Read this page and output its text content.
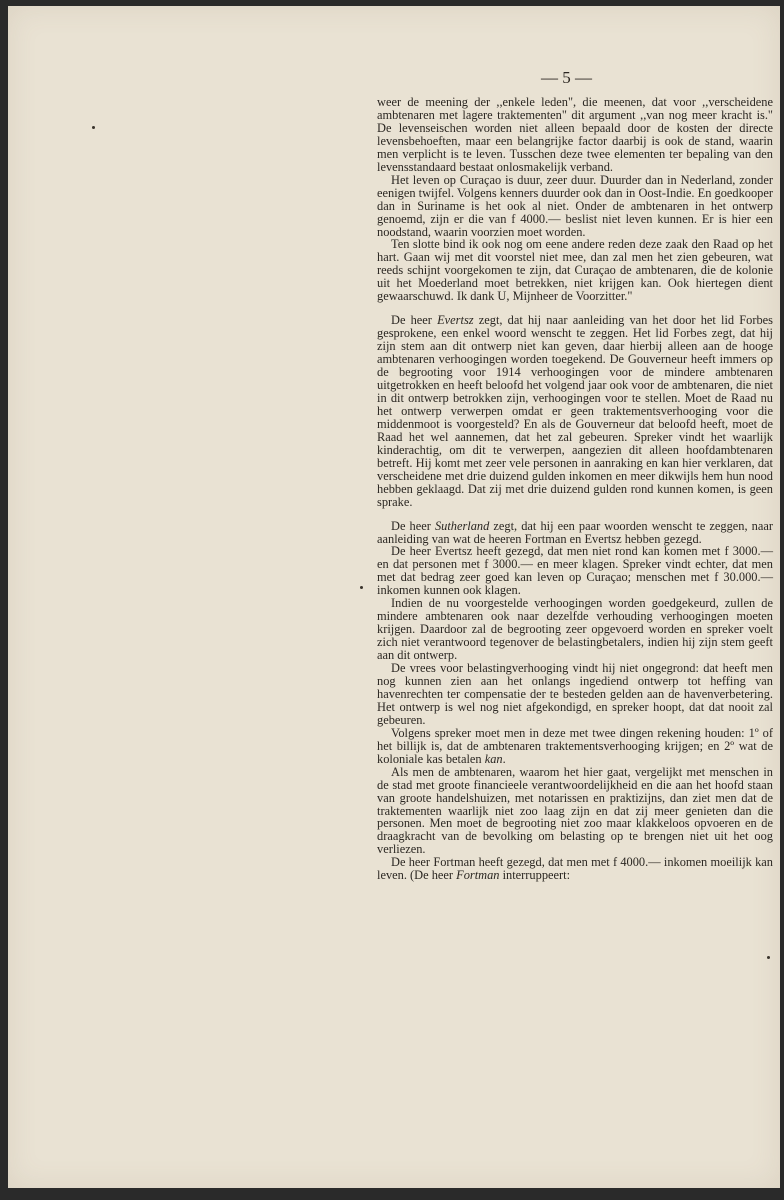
— 5 —

weer de meening der ,,enkele leden", die meenen, dat voor ,,verscheidene ambtenaren met lagere traktementen" dit argument ,,van nog meer kracht is." De levenseischen worden niet alleen bepaald door de kosten der directe levensbehoeften, maar een belangrijke factor daarbij is ook de stand, waarin men verplicht is te leven. Tusschen deze twee elementen ter bepaling van den levensstandaard bestaat onlosmakelijk verband.

Het leven op Curaçao is duur, zeer duur. Duurder dan in Nederland, zonder eenigen twijfel. Volgens kenners duurder ook dan in Oost-Indie. En goedkooper dan in Suriname is het ook al niet. Onder de ambtenaren in het ontwerp genoemd, zijn er die van f 4000.— beslist niet leven kunnen. Er is hier een noodstand, waarin voorzien moet worden.

Ten slotte bind ik ook nog om eene andere reden deze zaak den Raad op het hart. Gaan wij met dit voorstel niet mee, dan zal men het zien gebeuren, wat reeds schijnt voorgekomen te zijn, dat Curaçao de ambtenaren, die de kolonie uit het Moederland moet betrekken, niet krijgen kan. Ook hiertegen dient gewaarschuwd. Ik dank U, Mijnheer de Voorzitter."

De heer Evertsz zegt, dat hij naar aanleiding van het door het lid Forbes gesprokene, een enkel woord wenscht te zeggen. Het lid Forbes zegt, dat hij zijn stem aan dit ontwerp niet kan geven, daar hierbij alleen aan de hooge ambtenaren verhoogingen worden toegekend. De Gouverneur heeft immers op de begrooting voor 1914 verhoogingen voor de mindere ambtenaren uitgetrokken en heeft beloofd het volgend jaar ook voor de ambtenaren, die niet in dit ontwerp betrokken zijn, verhoogingen voor te stellen. Moet de Raad nu het ontwerp verwerpen omdat er geen traktementsverhooging voor die middenmoot is voorgesteld? En als de Gouverneur dat beloofd heeft, moet de Raad het wel aannemen, dat het zal gebeuren. Spreker vindt het waarlijk kinderachtig, om dit te verwerpen, aangezien dit alleen hoofdambtenaren betreft. Hij komt met zeer vele personen in aanraking en kan hier verklaren, dat verscheidene met drie duizend gulden inkomen en meer dikwijls hem hun nood hebben geklaagd. Dat zij met drie duizend gulden rond kunnen komen, is geen sprake.

De heer Sutherland zegt, dat hij een paar woorden wenscht te zeggen, naar aanleiding van wat de heeren Fortman en Evertsz hebben gezegd.

De heer Evertsz heeft gezegd, dat men niet rond kan komen met f 3000.— en dat personen met f 3000.— en meer klagen. Spreker vindt echter, dat men met dat bedrag zeer goed kan leven op Curaçao; menschen met f 30.000.— inkomen kunnen ook klagen.

Indien de nu voorgestelde verhoogingen worden goedgekeurd, zullen de mindere ambtenaren ook naar dezelfde verhouding verhoogingen moeten krijgen. Daardoor zal de begrooting zeer opgevoerd worden en spreker voelt zich niet verantwoord tegenover de belastingbetalers, indien hij zijn stem geeft aan dit ontwerp.

De vrees voor belastingverhooging vindt hij niet ongegrond: dat heeft men nog kunnen zien aan het onlangs ingediend ontwerp tot heffing van havenrechten ter compensatie der te besteden gelden aan de havenverbetering. Het ontwerp is wel nog niet afgekondigd, en spreker hoopt, dat dat nooit zal gebeuren.

Volgens spreker moet men in deze met twee dingen rekening houden: 1º of het billijk is, dat de ambtenaren traktementsverhooging krijgen; en 2º wat de koloniale kas betalen kan.

Als men de ambtenaren, waarom het hier gaat, vergelijkt met menschen in de stad met groote financieele verantwoordelijkheid en die aan het hoofd staan van groote handelshuizen, met notarissen en praktizijns, dan ziet men dat de traktementen waarlijk niet zoo laag zijn en dat zij meer genieten dan die personen. Men moet de begrooting niet zoo maar klakkeloos opvoeren en de draagkracht van de bevolking om belasting op te brengen niet uit het oog verliezen.

De heer Fortman heeft gezegd, dat men met f 4000.— inkomen moeilijk kan leven. (De heer Fortman interruppeert:
